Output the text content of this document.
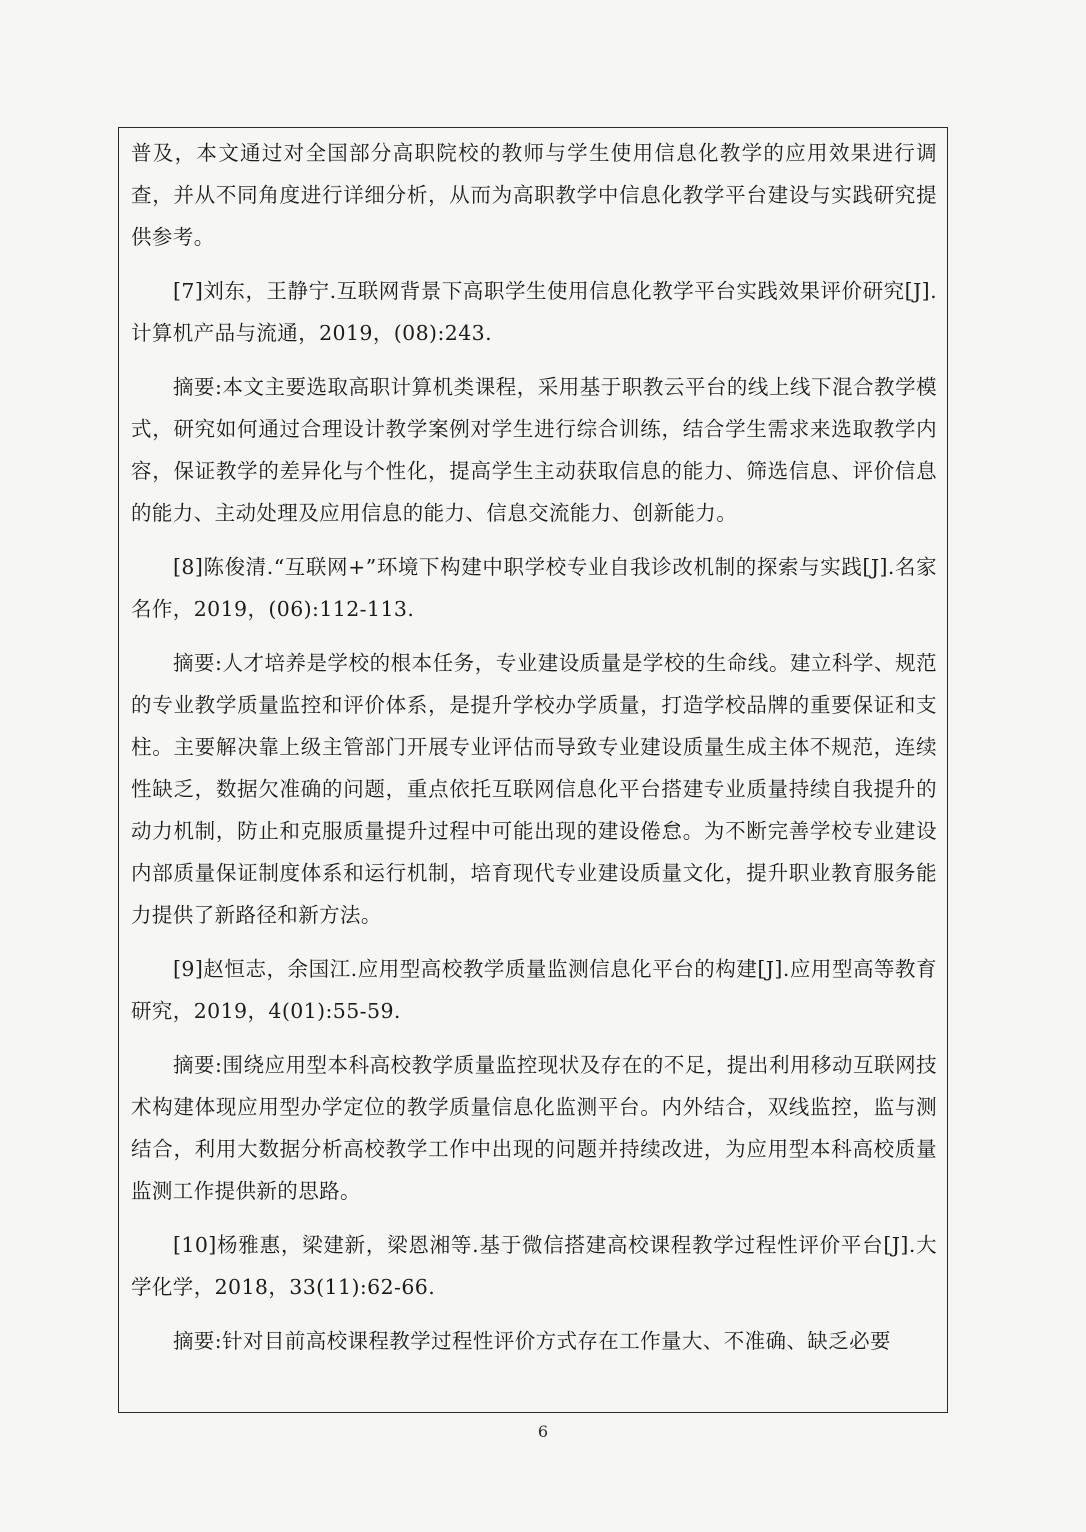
普及，本文通过对全国部分高职院校的教师与学生使用信息化教学的应用效果进行调查，并从不同角度进行详细分析，从而为高职教学中信息化教学平台建设与实践研究提供参考。

[7]刘东，王静宁.互联网背景下高职学生使用信息化教学平台实践效果评价研究[J].计算机产品与流通，2019，(08):243.

摘要:本文主要选取高职计算机类课程，采用基于职教云平台的线上线下混合教学模式，研究如何通过合理设计教学案例对学生进行综合训练，结合学生需求来选取教学内容，保证教学的差异化与个性化，提高学生主动获取信息的能力、筛选信息、评价信息的能力、主动处理及应用信息的能力、信息交流能力、创新能力。

[8]陈俊清.“互联网+”环境下构建中职学校专业自我诊改机制的探索与实践[J].名家名作，2019，(06):112-113.

摘要:人才培养是学校的根本任务，专业建设质量是学校的生命线。建立科学、规范的专业教学质量监控和评价体系，是提升学校办学质量，打造学校品牌的重要保证和支柱。主要解决靠上级主管部门开展专业评估而导致专业建设质量生成主体不规范，连续性缺乏，数据欠准确的问题，重点依托互联网信息化平台搭建专业质量持续自我提升的动力机制，防止和克服质量提升过程中可能出现的建设倦怠。为不断完善学校专业建设内部质量保证制度体系和运行机制，培育现代专业建设质量文化，提升职业教育服务能力提供了新路径和新方法。

[9]赵恒志，余国江.应用型高校教学质量监测信息化平台的构建[J].应用型高等教育研究，2019，4(01):55-59.

摘要:围绕应用型本科高校教学质量监控现状及存在的不足，提出利用移动互联网技术构建体现应用型办学定位的教学质量信息化监测平台。内外结合，双线监控，监与测结合，利用大数据分析高校教学工作中出现的问题并持续改进，为应用型本科高校质量监测工作提供新的思路。

[10]杨雅惠，梁建新，梁恩湘等.基于微信搭建高校课程教学过程性评价平台[J].大学化学，2018，33(11):62-66.

摘要:针对目前高校课程教学过程性评价方式存在工作量大、不准确、缺乏必要

6
